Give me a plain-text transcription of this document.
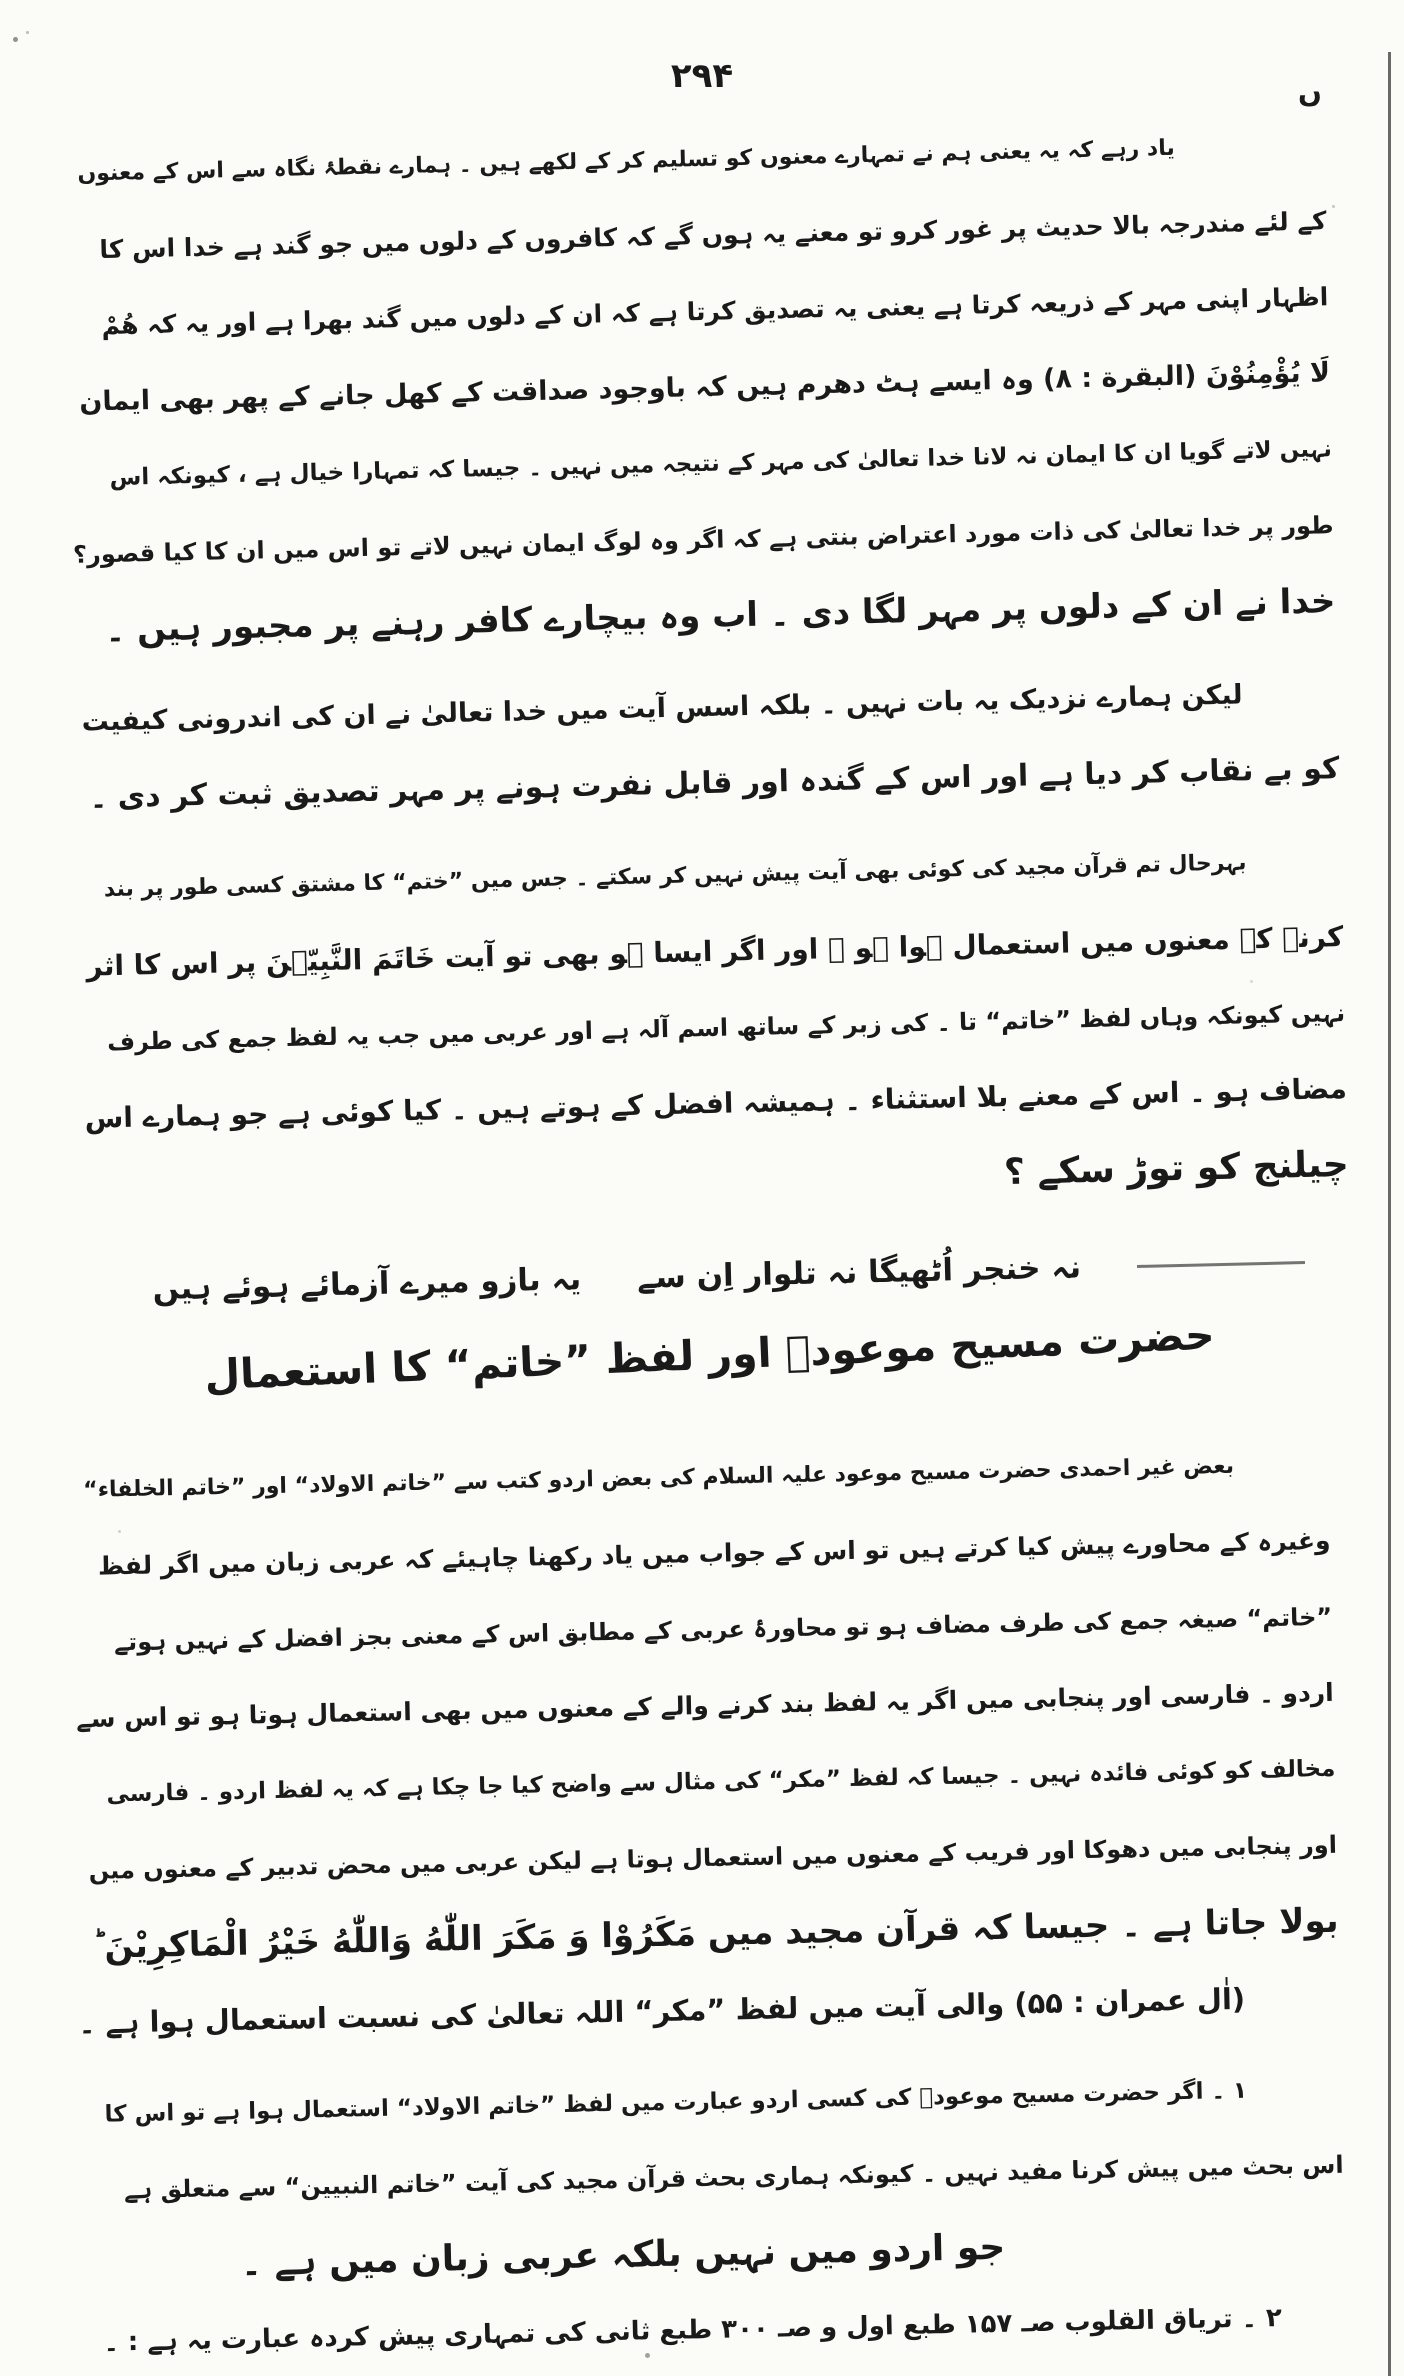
۲۹۴	ں
یاد رہے کہ یہ یعنی ہم نے تمہارے معنوں کو تسلیم کر کے لکھے ہیں ۔ ہمارے نقطۂ نگاہ سے اس کے معنوں
کے لئے مندرجہ بالا حدیث پر غور کرو تو معنے یہ ہوں گے کہ کافروں کے دلوں میں جو گند ہے خدا اس کا
اظہار اپنی مہر کے ذریعہ کرتا ہے یعنی یہ تصدیق کرتا ہے کہ ان کے دلوں میں گند بھرا ہے اور یہ کہ ھُمْ
لَا یُؤْمِنُوْنَ (البقرة : ۸) وہ ایسے ہٹ دھرم ہیں کہ باوجود صداقت کے کھل جانے کے پھر بھی ایمان
نہیں لاتے گویا ان کا ایمان نہ لانا خدا تعالیٰ کی مہر کے نتیجہ میں نہیں ۔ جیسا کہ تمہارا خیال ہے ، کیونکہ اس
طور پر خدا تعالیٰ کی ذات مورد اعتراض بنتی ہے کہ اگر وہ لوگ ایمان نہیں لاتے تو اس میں ان کا کیا قصور؟
خدا نے ان کے دلوں پر مہر لگا دی ۔ اب وہ بیچارے کافر رہنے پر مجبور ہیں ۔
لیکن ہمارے نزدیک یہ بات نہیں ۔ بلکہ اسس آیت میں خدا تعالیٰ نے ان کی اندرونی کیفیت
کو بے نقاب کر دیا ہے اور اس کے گندہ اور قابل نفرت ہونے پر مہر تصدیق ثبت کر دی ۔
بہرحال تم قرآن مجید کی کوئی بھی آیت پیش نہیں کر سکتے ۔ جس میں ”ختم“ کا مشتق کسی طور پر بند
کرنے کے معنوں میں استعمال ہوا ہو ۔ اور اگر ایسا ہو بھی تو آیت خَاتَمَ النَّبِیّٖنَ پر اس کا اثر
نہیں کیونکہ وہاں لفظ ”خاتم“ تا ۔ کی زبر کے ساتھ اسم آلہ ہے اور عربی میں جب یہ لفظ جمع کی طرف
مضاف ہو ۔ اس کے معنے بلا استثناء ۔ ہمیشہ افضل کے ہوتے ہیں ۔ کیا کوئی ہے جو ہمارے اس
چیلنج کو توڑ سکے ؟
نہ خنجر اُٹھیگا نہ تلوار اِن سے
یہ بازو میرے آزمائے ہوئے ہیں
حضرت مسیح موعودؑ اور لفظ ”خاتم“ کا استعمال
بعض غیر احمدی حضرت مسیح موعود علیہ السلام کی بعض اردو کتب سے ”خاتم الاولاد“ اور ”خاتم الخلفاء“
وغیرہ کے محاورے پیش کیا کرتے ہیں تو اس کے جواب میں یاد رکھنا چاہیئے کہ عربی زبان میں اگر لفظ
”خاتم“ صیغہ جمع کی طرف مضاف ہو تو محاورۂ عربی کے مطابق اس کے معنی بجز افضل کے نہیں ہوتے
اردو ۔ فارسی اور پنجابی میں اگر یہ لفظ بند کرنے والے کے معنوں میں بھی استعمال ہوتا ہو تو اس سے
مخالف کو کوئی فائدہ نہیں ۔ جیسا کہ لفظ ”مکر“ کی مثال سے واضح کیا جا چکا ہے کہ یہ لفظ اردو ۔ فارسی
اور پنجابی میں دھوکا اور فریب کے معنوں میں استعمال ہوتا ہے لیکن عربی میں محض تدبیر کے معنوں میں
بولا جاتا ہے ۔ جیسا کہ قرآن مجید میں مَکَرُوْا وَ مَکَرَ اللّٰهُ وَاللّٰهُ خَیْرُ الْمَاکِرِیْنَ ؕ
(اٰل عمران : ۵۵) والی آیت میں لفظ ”مکر“ اللہ تعالیٰ کی نسبت استعمال ہوا ہے ۔
۱ ۔ اگر حضرت مسیح موعودؑ کی کسی اردو عبارت میں لفظ ”خاتم الاولاد“ استعمال ہوا ہے تو اس کا
اس بحث میں پیش کرنا مفید نہیں ۔ کیونکہ ہماری بحث قرآن مجید کی آیت ”خاتم النبیین“ سے متعلق ہے
جو اردو میں نہیں بلکہ عربی زبان میں ہے ۔
۲ ۔ تریاق القلوب صـ ۱۵۷ طبع اول و صـ ۳۰۰ طبع ثانی کی تمہاری پیش کردہ عبارت یہ ہے : ۔
